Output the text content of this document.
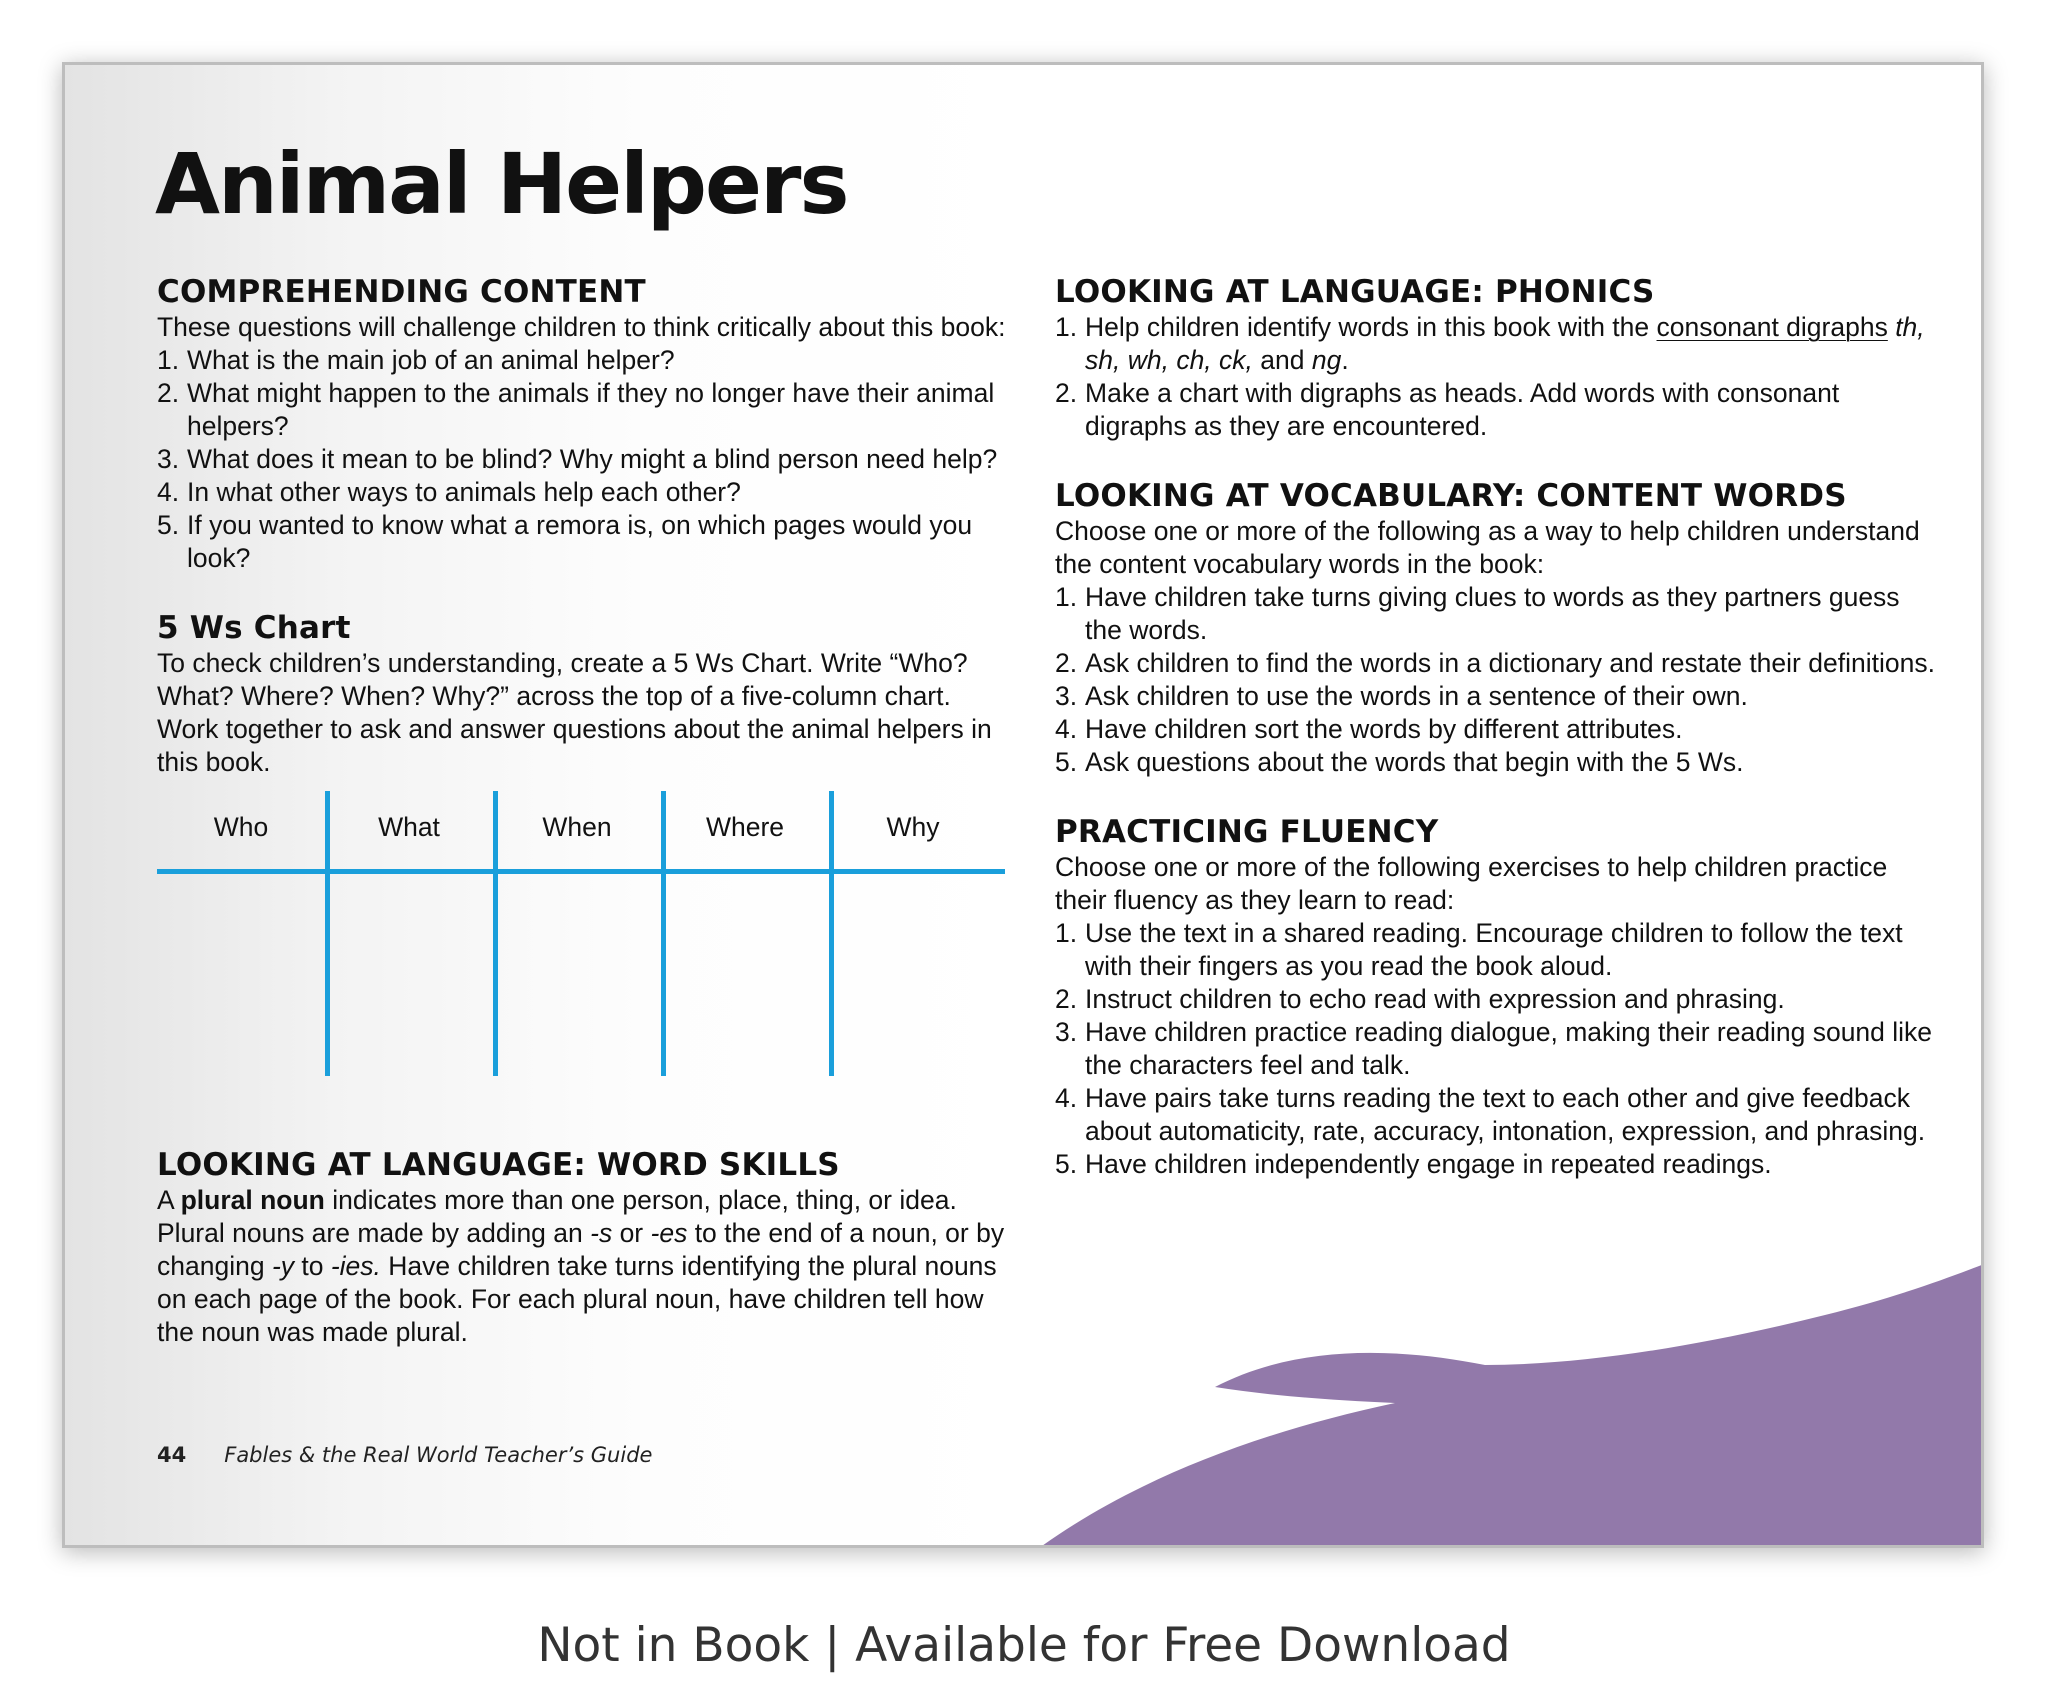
Animal Helpers
COMPREHENDING CONTENT

These questions will challenge children to think critically about this book:

1. What is the main job of an animal helper?
2. What might happen to the animals if they no longer have their animal helpers?
3. What does it mean to be blind? Why might a blind person need help?
4. In what other ways to animals help each other?
5. If you wanted to know what a remora is, on which pages would you look?
5 Ws Chart

To check children’s understanding, create a 5 Ws Chart. Write “Who? What? Where? When? Why?” across the top of a five-column chart. Work together to ask and answer questions about the animal helpers in this book.

Who	What	When	Where	Why
LOOKING AT LANGUAGE: WORD SKILLS

A plural noun indicates more than one person, place, thing, or idea. Plural nouns are made by adding an -s or -es to the end of a noun, or by changing -y to -ies. Have children take turns identifying the plural nouns on each page of the book. For each plural noun, have children tell how the noun was made plural.

LOOKING AT LANGUAGE: PHONICS
1. Help children identify words in this book with the consonant digraphs th, sh, wh, ch, ck, and ng.
2. Make a chart with digraphs as heads. Add words with consonant digraphs as they are encountered.
LOOKING AT VOCABULARY: CONTENT WORDS

Choose one or more of the following as a way to help children understand the content vocabulary words in the book:

1. Have children take turns giving clues to words as they partners guess the words.
2. Ask children to find the words in a dictionary and restate their definitions.
3. Ask children to use the words in a sentence of their own.
4. Have children sort the words by different attributes.
5. Ask questions about the words that begin with the 5 Ws.
PRACTICING FLUENCY

Choose one or more of the following exercises to help children practice their fluency as they learn to read:

1. Use the text in a shared reading. Encourage children to follow the text with their fingers as you read the book aloud.
2. Instruct children to echo read with expression and phrasing.
3. Have children practice reading dialogue, making their reading sound like the characters feel and talk.
4. Have pairs take turns reading the text to each other and give feedback about automaticity, rate, accuracy, intonation, expression, and phrasing.
5. Have children independently engage in repeated readings.
44 Fables & the Real World Teacher’s Guide
Not in Book | Available for Free Download
